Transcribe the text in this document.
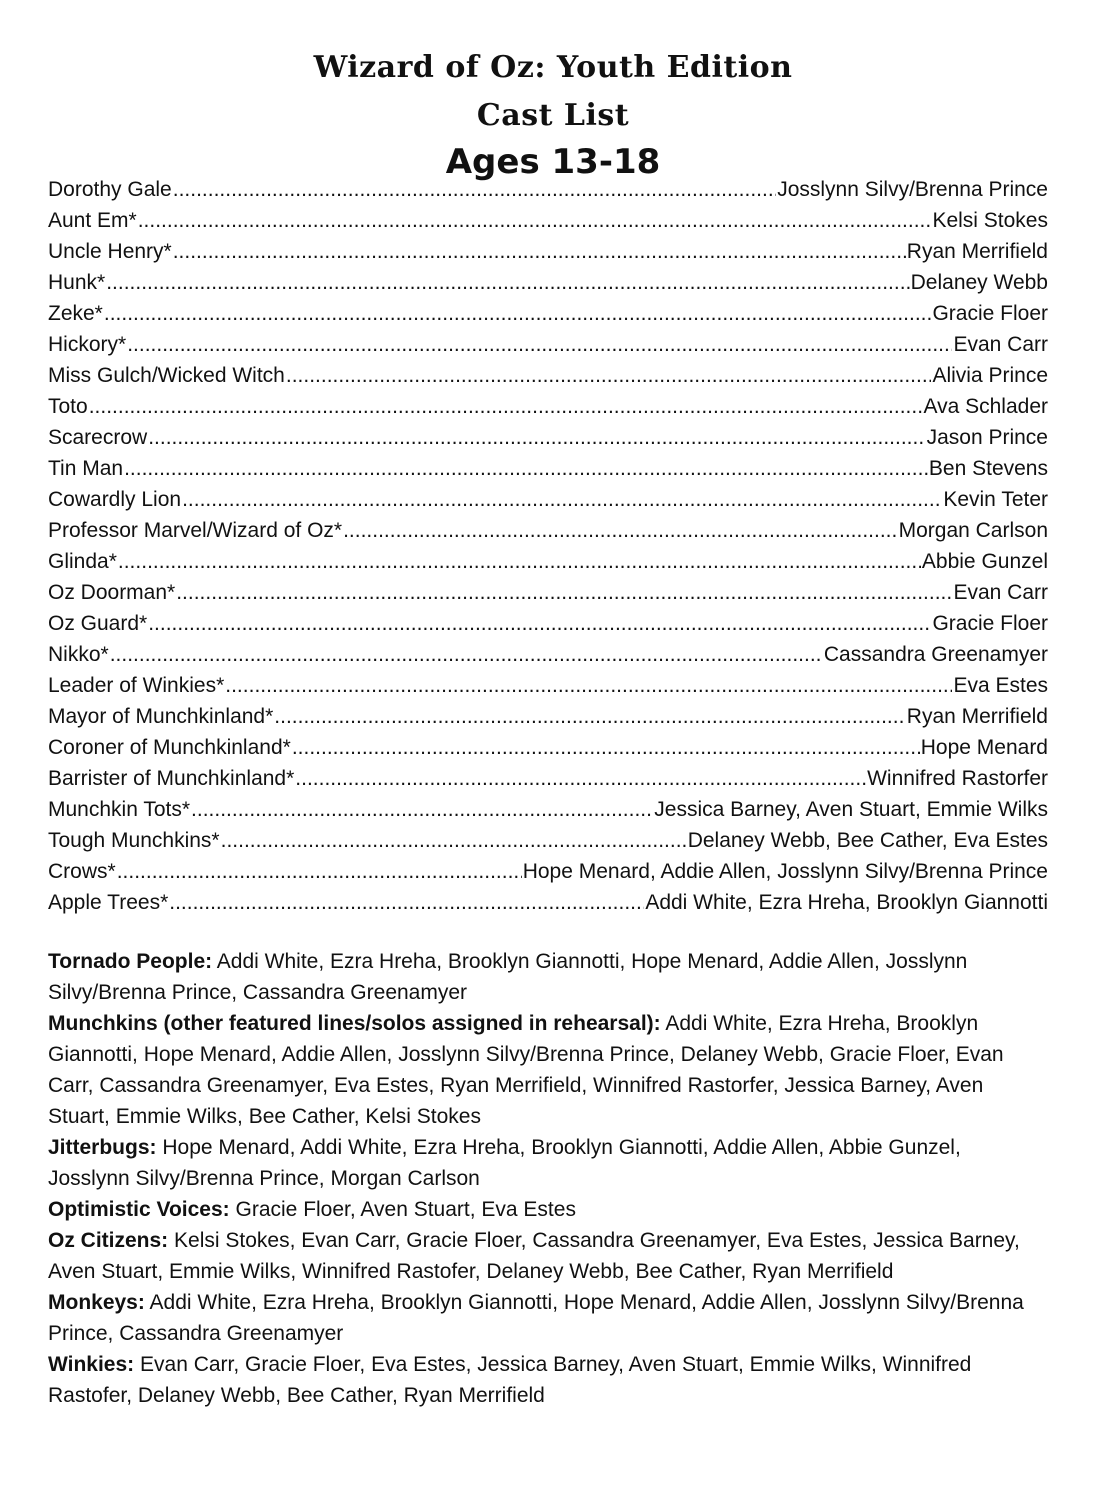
Wizard of Oz: Youth Edition
Cast List
Ages 13-18
Dorothy Gale .....	Josslynn Silvy/Brenna Prince
Aunt Em* .....	Kelsi Stokes
Uncle Henry* .....	Ryan Merrifield
Hunk* .....	Delaney Webb
Zeke* .....	Gracie Floer
Hickory* .....	Evan Carr
Miss Gulch/Wicked Witch .....	Alivia Prince
Toto .....	Ava Schlader
Scarecrow .....	Jason Prince
Tin Man .....	Ben Stevens
Cowardly Lion .....	Kevin Teter
Professor Marvel/Wizard of Oz* .....	Morgan Carlson
Glinda* .....	Abbie Gunzel
Oz Doorman* .....	Evan Carr
Oz Guard* .....	Gracie Floer
Nikko* .....	Cassandra Greenamyer
Leader of Winkies* .....	Eva Estes
Mayor of Munchkinland* .....	Ryan Merrifield
Coroner of Munchkinland* .....	Hope Menard
Barrister of Munchkinland* .....	Winnifred Rastorfer
Munchkin Tots* .....	Jessica Barney, Aven Stuart, Emmie Wilks
Tough Munchkins* .....	Delaney Webb, Bee Cather, Eva Estes
Crows* .....	Hope Menard, Addie Allen, Josslynn Silvy/Brenna Prince
Apple Trees* .....	Addi White, Ezra Hreha, Brooklyn Giannotti

Tornado People: Addi White, Ezra Hreha, Brooklyn Giannotti, Hope Menard, Addie Allen, Josslynn Silvy/Brenna Prince, Cassandra Greenamyer

Munchkins (other featured lines/solos assigned in rehearsal): Addi White, Ezra Hreha, Brooklyn Giannotti, Hope Menard, Addie Allen, Josslynn Silvy/Brenna Prince, Delaney Webb, Gracie Floer, Evan Carr, Cassandra Greenamyer, Eva Estes, Ryan Merrifield, Winnifred Rastorfer, Jessica Barney, Aven Stuart, Emmie Wilks, Bee Cather, Kelsi Stokes

Jitterbugs: Hope Menard, Addi White, Ezra Hreha, Brooklyn Giannotti, Addie Allen, Abbie Gunzel, Josslynn Silvy/Brenna Prince, Morgan Carlson

Optimistic Voices: Gracie Floer, Aven Stuart, Eva Estes

Oz Citizens: Kelsi Stokes, Evan Carr, Gracie Floer, Cassandra Greenamyer, Eva Estes, Jessica Barney, Aven Stuart, Emmie Wilks, Winnifred Rastofer, Delaney Webb, Bee Cather, Ryan Merrifield

Monkeys: Addi White, Ezra Hreha, Brooklyn Giannotti, Hope Menard, Addie Allen, Josslynn Silvy/Brenna Prince, Cassandra Greenamyer

Winkies: Evan Carr, Gracie Floer, Eva Estes, Jessica Barney, Aven Stuart, Emmie Wilks, Winnifred Rastofer, Delaney Webb, Bee Cather, Ryan Merrifield
